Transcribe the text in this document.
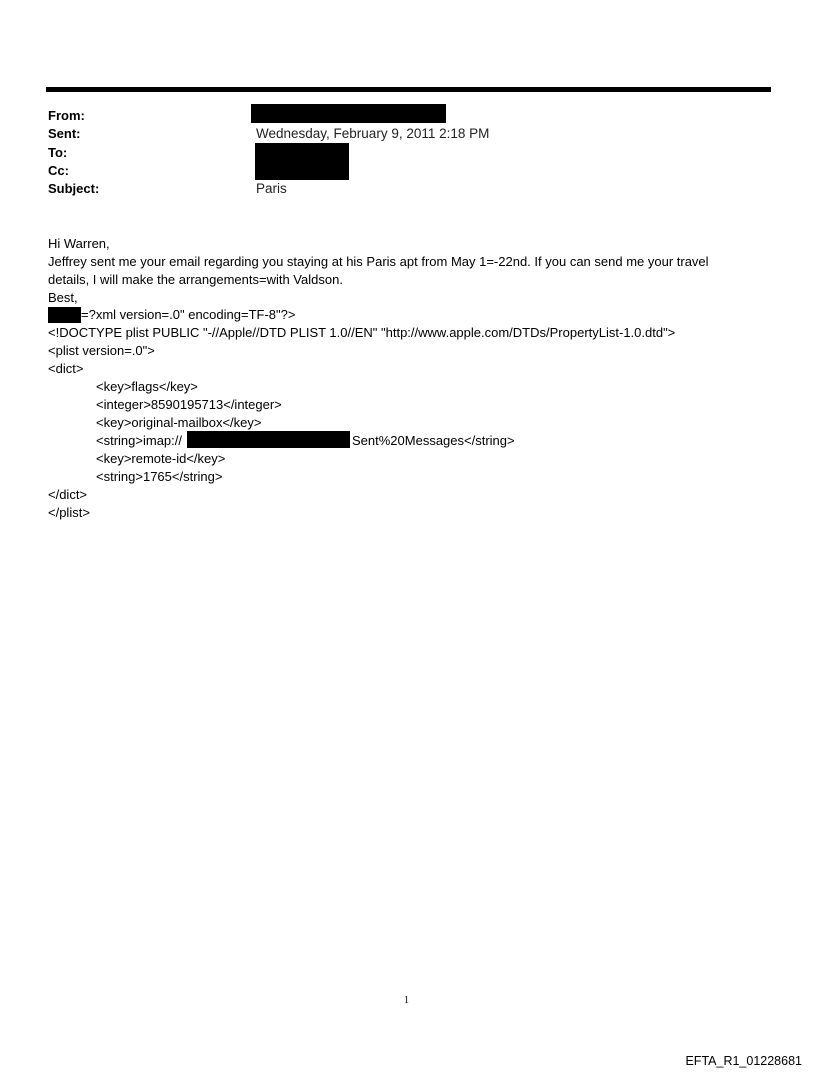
From:
Sent:	Wednesday, February 9, 2011 2:18 PM
To:
Cc:
Subject:	Paris
Hi Warren,
Jeffrey sent me your email regarding you staying at his Paris apt from May 1=-22nd. If you can send me your travel
details, I will make the arrangements=with Valdson.
Best,
=?xml version=.0" encoding=TF-8"?>
<!DOCTYPE plist PUBLIC "-//Apple//DTD PLIST 1.0//EN" "http://www.apple.com/DTDs/PropertyList-1.0.dtd">
<plist version=.0">
<dict>
<key>flags</key>
<integer>8590195713</integer>
<key>original-mailbox</key>
<string>imap://	Sent%20Messages</string>
<key>remote-id</key>
<string>1765</string>
</dict>
</plist>
1
EFTA_R1_01228681
